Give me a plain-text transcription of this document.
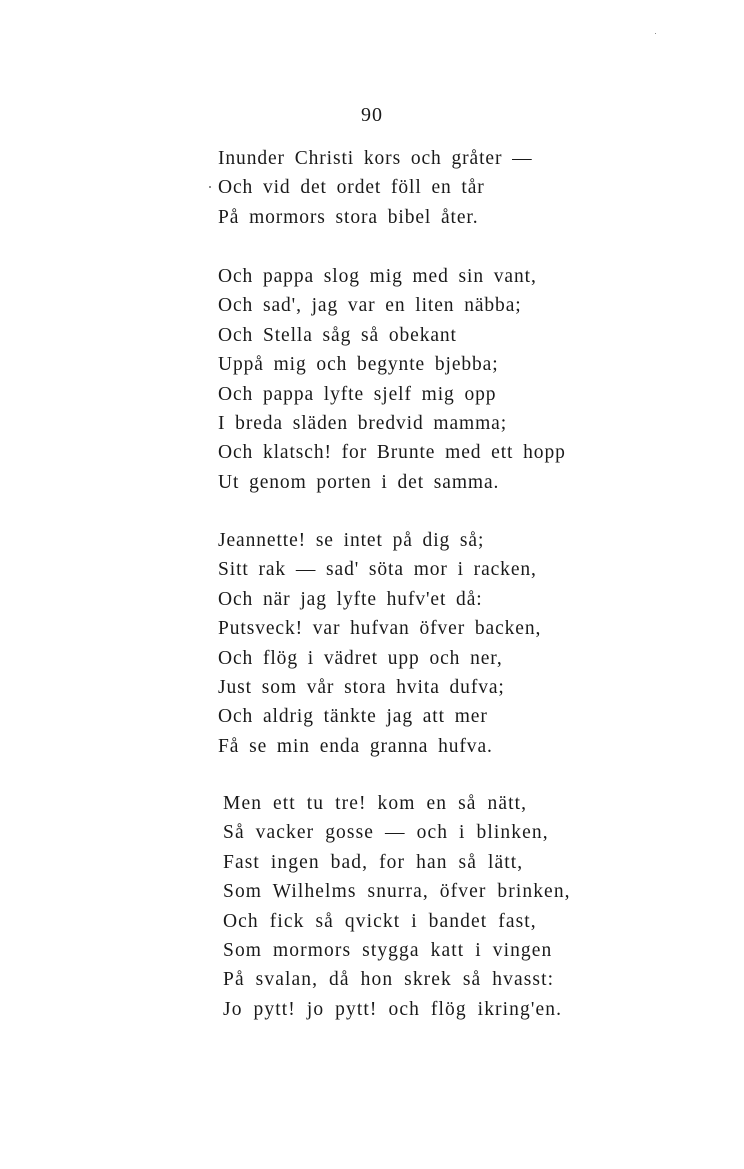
90
Inunder Christi kors och gråter —
Och vid det ordet föll en tår
På mormors stora bibel åter.
Och pappa slog mig med sin vant,
Och sad', jag var en liten näbba;
Och Stella såg så obekant
Uppå mig och begynte bjebba;
Och pappa lyfte sjelf mig opp
I breda släden bredvid mamma;
Och klatsch! for Brunte med ett hopp
Ut genom porten i det samma.
Jeannette! se intet på dig så;
Sitt rak — sad' söta mor i racken,
Och när jag lyfte hufv'et då:
Putsveck! var hufvan öfver backen,
Och flög i vädret upp och ner,
Just som vår stora hvita dufva;
Och aldrig tänkte jag att mer
Få se min enda granna hufva.
Men ett tu tre! kom en så nätt,
Så vacker gosse — och i blinken,
Fast ingen bad, for han så lätt,
Som Wilhelms snurra, öfver brinken,
Och fick så qvickt i bandet fast,
Som mormors stygga katt i vingen
På svalan, då hon skrek så hvasst:
Jo pytt! jo pytt! och flög ikring'en.
